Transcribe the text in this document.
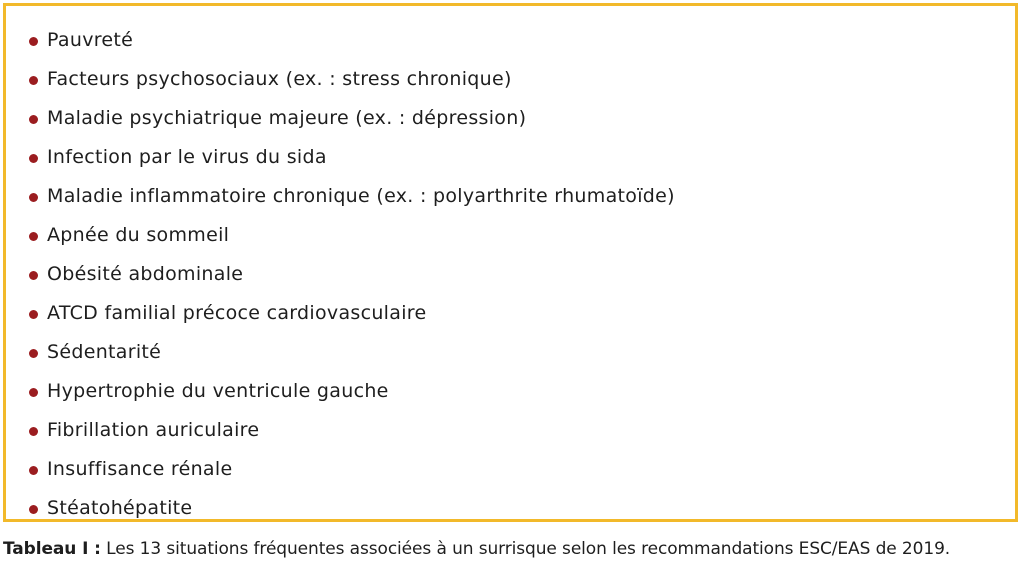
Pauvreté
Facteurs psychosociaux (ex. : stress chronique)
Maladie psychiatrique majeure (ex. : dépression)
Infection par le virus du sida
Maladie inflammatoire chronique (ex. : polyarthrite rhumatoïde)
Apnée du sommeil
Obésité abdominale
ATCD familial précoce cardiovasculaire
Sédentarité
Hypertrophie du ventricule gauche
Fibrillation auriculaire
Insuffisance rénale
Stéatohépatite
Tableau I : Les 13 situations fréquentes associées à un surrisque selon les recommandations ESC/EAS de 2019.
